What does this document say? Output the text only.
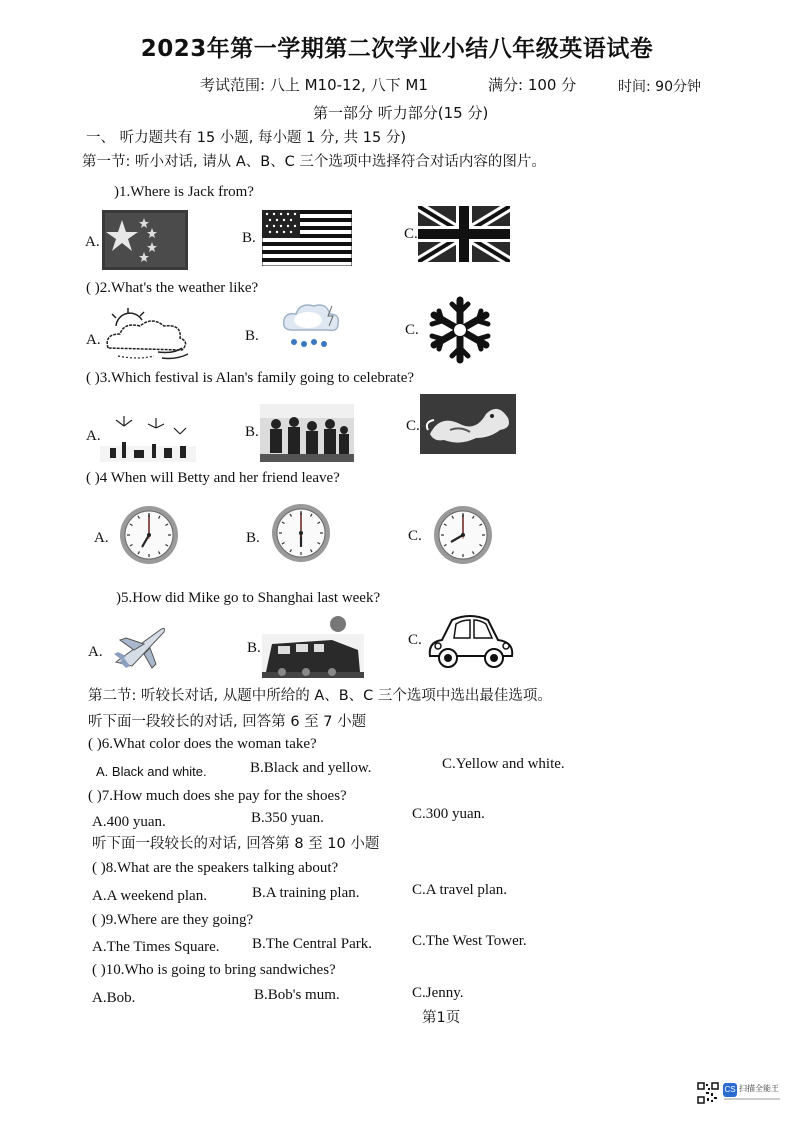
2023年第一学期第二次学业小结八年级英语试卷
考试范围: 八上 M10-12, 八下 M1	满分: 100 分	时间: 90分钟
第一部分 听力部分(15 分)
一、 听力题共有 15 小题, 每小题 1 分, 共 15 分)
第一节: 听小对话, 请从 A、B、C 三个选项中选择符合对话内容的图片。
)1.Where is Jack from?
A.	B.	C.
( )2.What's the weather like?
A.	B.	C.
( )3.Which festival is Alan's family going to celebrate?
A.	B.	C.
( )4 When will Betty and her friend leave?
A.	B.	C.
)5.How did Mike go to Shanghai last week?
A.	B.	C.
第二节: 听较长对话, 从题中所给的 A、B、C 三个选项中选出最佳选项。
听下面一段较长的对话, 回答第 6 至 7 小题
( )6.What color does the woman take?
A. Black and white.	B.Black and yellow.	C.Yellow and white.
( )7.How much does she pay for the shoes?
A.400 yuan.	B.350 yuan.	C.300 yuan.
听下面一段较长的对话, 回答第 8 至 10 小题
( )8.What are the speakers talking about?
A.A weekend plan.	B.A training plan.	C.A travel plan.
( )9.Where are they going?
A.The Times Square. B.The Central Park.	C.The West Tower.
( )10.Who is going to bring sandwiches?
A.Bob.	B.Bob's mum.	C.Jenny.
第1页
CS 扫描全能王
